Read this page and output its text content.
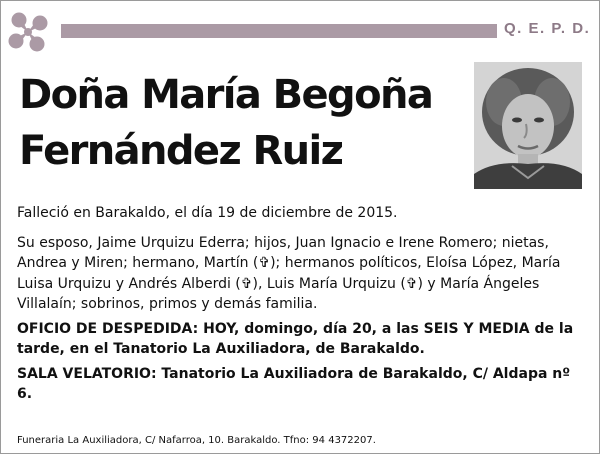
Q. E. P. D.
Doña María Begoña
Fernández Ruiz

Falleció en Barakaldo, el día 19 de diciembre de 2015.

Su esposo, Jaime Urquizu Ederra; hijos, Juan Ignacio e Irene Romero; nietas, Andrea y Miren; hermano, Martín (✞); hermanos políticos, Eloísa López, María Luisa Urquizu y Andrés Alberdi (✞), Luis María Urquizu (✞) y María Ángeles Villalaín; sobrinos, primos y demás familia.

OFICIO DE DESPEDIDA: HOY, domingo, día 20, a las SEIS Y MEDIA de la tarde, en el Tanatorio La Auxiliadora, de Barakaldo.

SALA VELATORIO: Tanatorio La Auxiliadora de Barakaldo, C/ Aldapa nº 6.

Funeraria La Auxiliadora, C/ Nafarroa, 10. Barakaldo. Tfno: 94 4372207.
